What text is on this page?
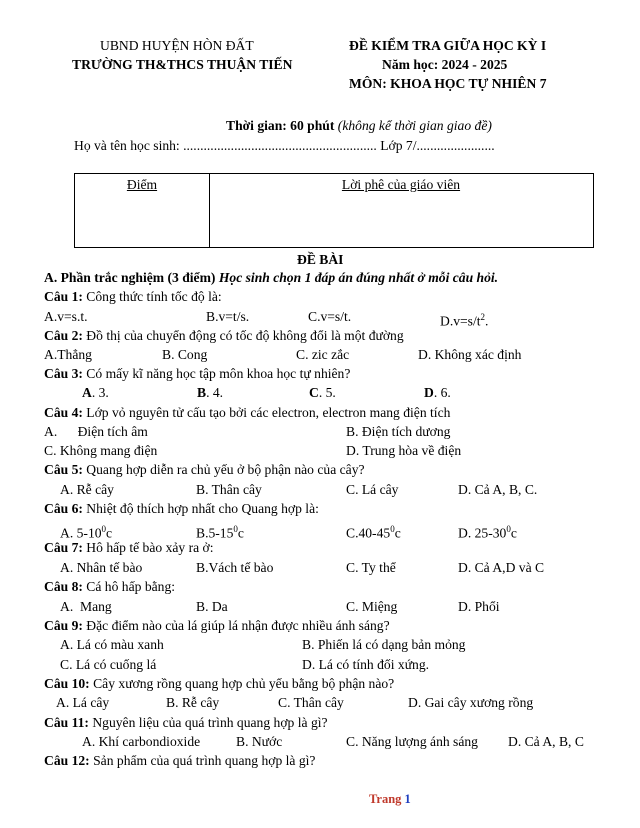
UBND HUYỆN HÒN ĐẤT
TRƯỜNG TH&THCS THUẬN TIẾN
ĐỀ KIỂM TRA GIỮA HỌC KỲ I
Năm học: 2024 - 2025
MÔN: KHOA HỌC TỰ NHIÊN 7
Thời gian: 60 phút (không kể thời gian giao đề)
Họ và tên học sinh: ......................................................... Lớp 7/.......................
Điểm	Lời phê của giáo viên
ĐỀ BÀI
A. Phần trắc nghiệm (3 điểm) Học sinh chọn 1 đáp án đúng nhất ở mỗi câu hỏi.
Câu 1: Công thức tính tốc độ là:
A.v=s.t.	B.v=t/s.	C.v=s/t.	$D.v=s/t^2$.
Câu 2: Đồ thị của chuyển động có tốc độ không đổi là một đường
A.Thẳng	B. Cong	C. zic zắc	D. Không xác định
Câu 3: Có mấy kĩ năng học tập môn khoa học tự nhiên?
A. 3.	B. 4.	C. 5.	D. 6.
Câu 4: Lớp vỏ nguyên tử cấu tạo bởi các electron, electron mang điện tích
A.      Điện tích âm	B. Điện tích dương
C. Không mang điện	D. Trung hòa về điện
Câu 5: Quang hợp diễn ra chủ yếu ở bộ phận nào của cây?
A. Rễ cây	B. Thân cây	C. Lá cây	D. Cả A, B, C.
Câu 6: Nhiệt độ thích hợp nhất cho Quang hợp là:
A. $5-10^0c$	$B.5-15^0c$	$C.40-45^0c$	D. $25-30^0c$
Câu 7: Hô hấp tế bào xảy ra ở:
A. Nhân tế bào	B.Vách tế bào	C. Ty thể	D. Cả A,D và C
Câu 8: Cá hô hấp bằng:
A.  Mang	B. Da	C. Miệng	D. Phổi
Câu 9: Đặc điểm nào của lá giúp lá nhận được nhiều ánh sáng?
A. Lá có màu xanh	B. Phiến lá có dạng bản mỏng
C. Lá có cuống lá	D. Lá có tính đối xứng.
Câu 10: Cây xương rồng quang hợp chủ yếu bằng bộ phận nào?
A. Lá cây	B. Rễ cây	C. Thân cây	D. Gai cây xương rồng
Câu 11: Nguyên liệu của quá trình quang hợp là gì?
A. Khí carbondioxide	B. Nước	C. Năng lượng ánh sáng D. Cả A, B, C
Câu 12: Sản phẩm của quá trình quang hợp là gì?
Trang 1
